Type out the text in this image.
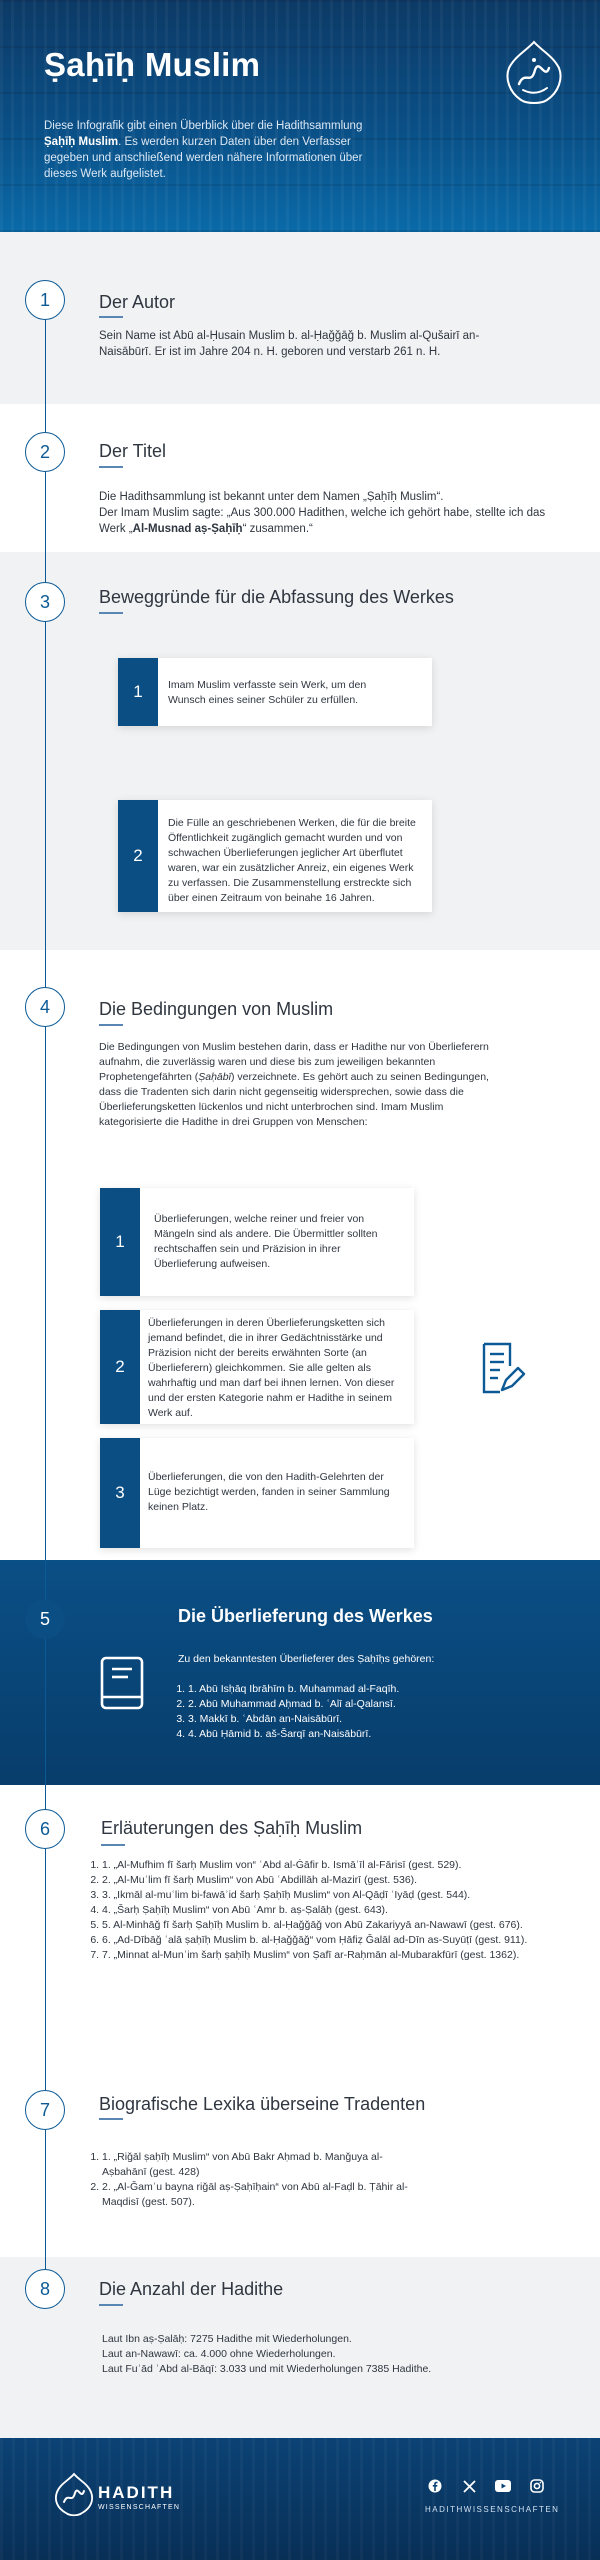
Ṣaḥīḥ Muslim
Diese Infografik gibt einen Überblick über die Hadithsammlung Ṣaḥīḥ Muslim. Es werden kurzen Daten über den Verfasser gegeben und anschließend werden nähere Informationen über dieses Werk aufgelistet.
1	Der Autor
Sein Name ist Abū al-Ḥusain Muslim b. al-Ḥaǧǧāǧ b. Muslim al-Qušairī an-Naisābūrī. Er ist im Jahre 204 n. H. geboren und verstarb 261 n. H.
2	Der Titel

Die Hadithsammlung ist bekannt unter dem Namen „Ṣaḥīḥ Muslim“.

Der Imam Muslim sagte: „Aus 300.000 Hadithen, welche ich gehört habe, stellte ich das Werk „Al-Musnad aṣ-Ṣaḥīḥ“ zusammen.“

3	Beweggründe für die Abfassung des Werkes
1	Imam Muslim verfasste sein Werk, um den Wunsch eines seiner Schüler zu erfüllen.
2
Die Fülle an geschriebenen Werken, die für die breite Öffentlichkeit zugänglich gemacht wurden und von schwachen Überlieferungen jeglicher Art überflutet waren, war ein zusätzlicher Anreiz, ein eigenes Werk zu verfassen. Die Zusammenstellung erstreckte sich über einen Zeitraum von beinahe 16 Jahren.
4	Die Bedingungen von Muslim
Die Bedingungen von Muslim bestehen darin, dass er Hadithe nur von Überlieferern aufnahm, die zuverlässig waren und diese bis zum jeweiligen bekannten Prophetengefährten (Ṣaḥābī) verzeichnete. Es gehört auch zu seinen Bedingungen, dass die Tradenten sich darin nicht gegenseitig widersprechen, sowie dass die Überlieferungsketten lückenlos und nicht unterbrochen sind. Imam Muslim kategorisierte die Hadithe in drei Gruppen von Menschen:
1
Überlieferungen, welche reiner und freier von Mängeln sind als andere. Die Übermittler sollten rechtschaffen sein und Präzision in ihrer Überlieferung aufweisen.
2
Überlieferungen in deren Überlieferungsketten sich jemand befindet, die in ihrer Gedächtnisstärke und Präzision nicht der bereits erwähnten Sorte (an Überlieferern) gleichkommen. Sie alle gelten als wahrhaftig und man darf bei ihnen lernen. Von dieser und der ersten Kategorie nahm er Hadithe in seinem Werk auf.
3
Überlieferungen, die von den Hadith-Gelehrten der Lüge bezichtigt werden, fanden in seiner Sammlung keinen Platz.
5	Die Überlieferung des Werkes
Zu den bekanntesten Überlieferer des Ṣaḥīḥs gehören:
1. 1. Abū Isḥāq Ibrāhīm b. Muhammad al-Faqīh.
2. 2. Abū Muhammad Aḥmad b. ʿAlī al-Qalansī.
3. 3. Makkī b. ʿAbdān an-Naisābūrī.
4. 4. Abū Ḥāmid b. aš-Šarqī an-Naisābūrī.
6	Erläuterungen des Ṣaḥīḥ Muslim
1. 1. „Al-Mufhim fī šarḥ Muslim von“ ʿAbd al-Ġāfir b. Ismāʿīl al-Fārisī (gest. 529).
2. 2. „Al-Muʿlim fī šarḥ Muslim“ von Abū ʿAbdillāh al-Mazirī (gest. 536).
3. 3. „Ikmāl al-muʿlim bi-fawāʾid šarḥ Ṣaḥīḥ Muslim“ von Al-Qāḍī ʿIyāḍ (gest. 544).
4. 4. „Šarḥ Ṣaḥīḥ Muslim“ von Abū ʿAmr b. aṣ-Ṣalāḥ (gest. 643).
5. 5. Al-Minhāǧ fī šarḥ Ṣaḥīḥ Muslim b. al-Ḥaǧǧāǧ von Abū Zakariyyā an-Nawawī (gest. 676).
6. 6. „Ad-Dībāǧ ʿalā ṣaḥīḥ Muslim b. al-Ḥaǧǧāǧ“ vom Ḥāfiẓ Ǧalāl ad-Dīn as-Suyūṭī (gest. 911).
7. 7. „Minnat al-Munʿim šarḥ ṣaḥīḥ Muslim“ von Ṣafī ar-Raḥmān al-Mubarakfūrī (gest. 1362).
7	Biografische Lexika überseine Tradenten
1. 1. „Riǧāl ṣaḥīḥ Muslim“ von Abū Bakr Aḥmad b. Manǧuya al-Aṣbahānī (gest. 428)
2. 2. „Al-Ǧamʿu bayna riǧāl aṣ-Ṣaḥīḥain“ von Abū al-Faḍl b. Ṭāhir al-Maqdisī (gest. 507).
8	Die Anzahl der Hadithe
Laut Ibn aṣ-Ṣalāḥ: 7275 Hadithe mit Wiederholungen.
Laut an-Nawawī: ca. 4.000 ohne Wiederholungen.
Laut Fuʾād ʿAbd al-Bāqī: 3.033 und mit Wiederholungen 7385 Hadithe.
HADITH
WISSENSCHAFTEN	HADITHWISSENSCHAFTEN
